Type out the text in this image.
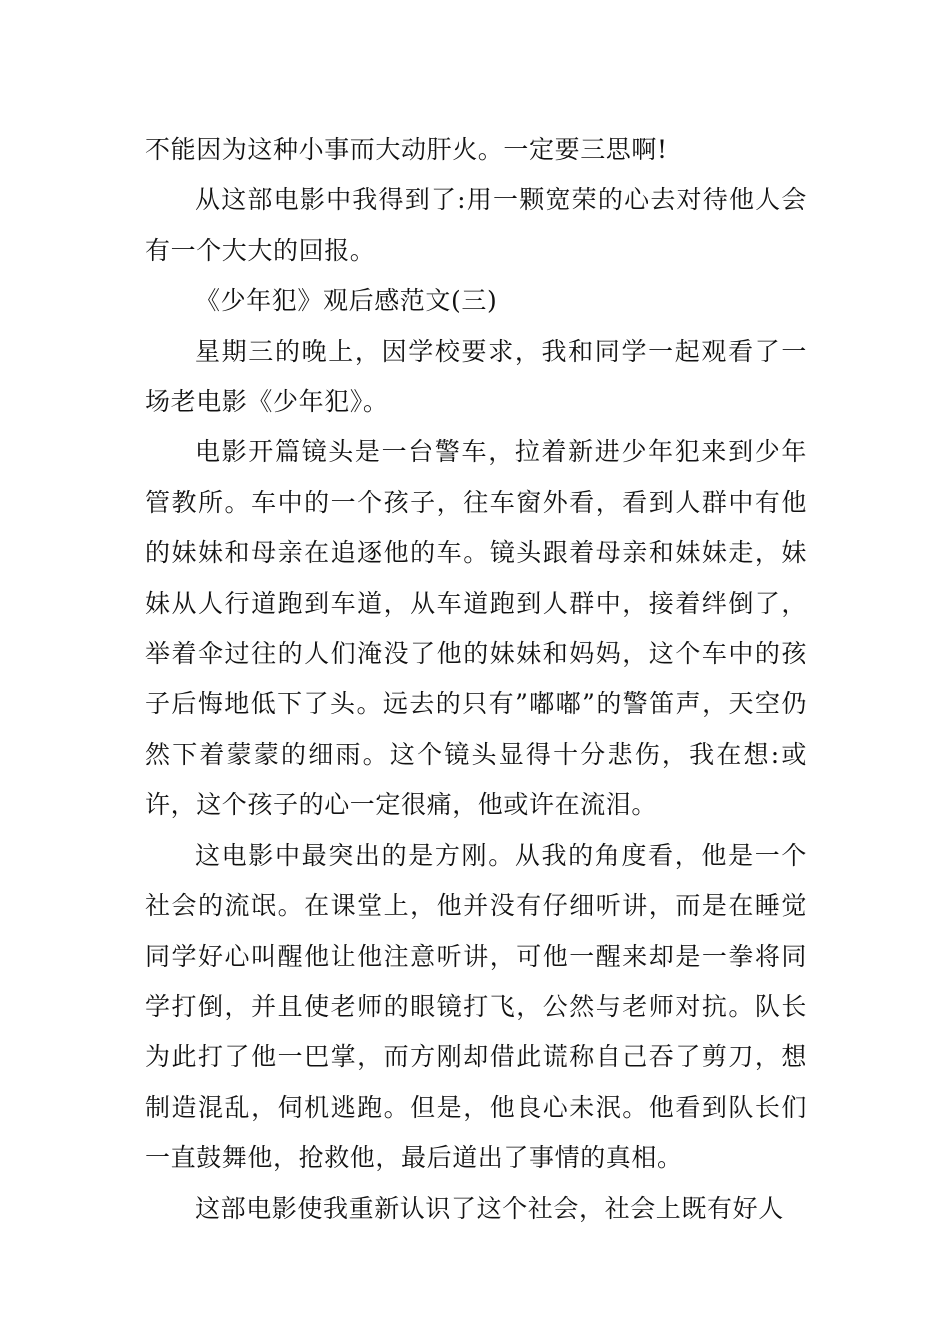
不能因为这种小事而大动肝火。一定要三思啊!

从这部电影中我得到了:用一颗宽荣的心去对待他人会有一个大大的回报。

《少年犯》观后感范文(三)

星期三的晚上，因学校要求，我和同学一起观看了一场老电影《少年犯》。

电影开篇镜头是一台警车，拉着新进少年犯来到少年管教所。车中的一个孩子，往车窗外看，看到人群中有他的妹妹和母亲在追逐他的车。镜头跟着母亲和妹妹走，妹妹从人行道跑到车道，从车道跑到人群中，接着绊倒了，举着伞过往的人们淹没了他的妹妹和妈妈，这个车中的孩子后悔地低下了头。远去的只有”嘟嘟”的警笛声，天空仍然下着蒙蒙的细雨。这个镜头显得十分悲伤，我在想:或许，这个孩子的心一定很痛，他或许在流泪。

这电影中最突出的是方刚。从我的角度看，他是一个社会的流氓。在课堂上，他并没有仔细听讲，而是在睡觉同学好心叫醒他让他注意听讲，可他一醒来却是一拳将同学打倒，并且使老师的眼镜打飞，公然与老师对抗。队长为此打了他一巴掌，而方刚却借此谎称自己吞了剪刀，想制造混乱，伺机逃跑。但是，他良心未泯。他看到队长们一直鼓舞他，抢救他，最后道出了事情的真相。

这部电影使我重新认识了这个社会，社会上既有好人
